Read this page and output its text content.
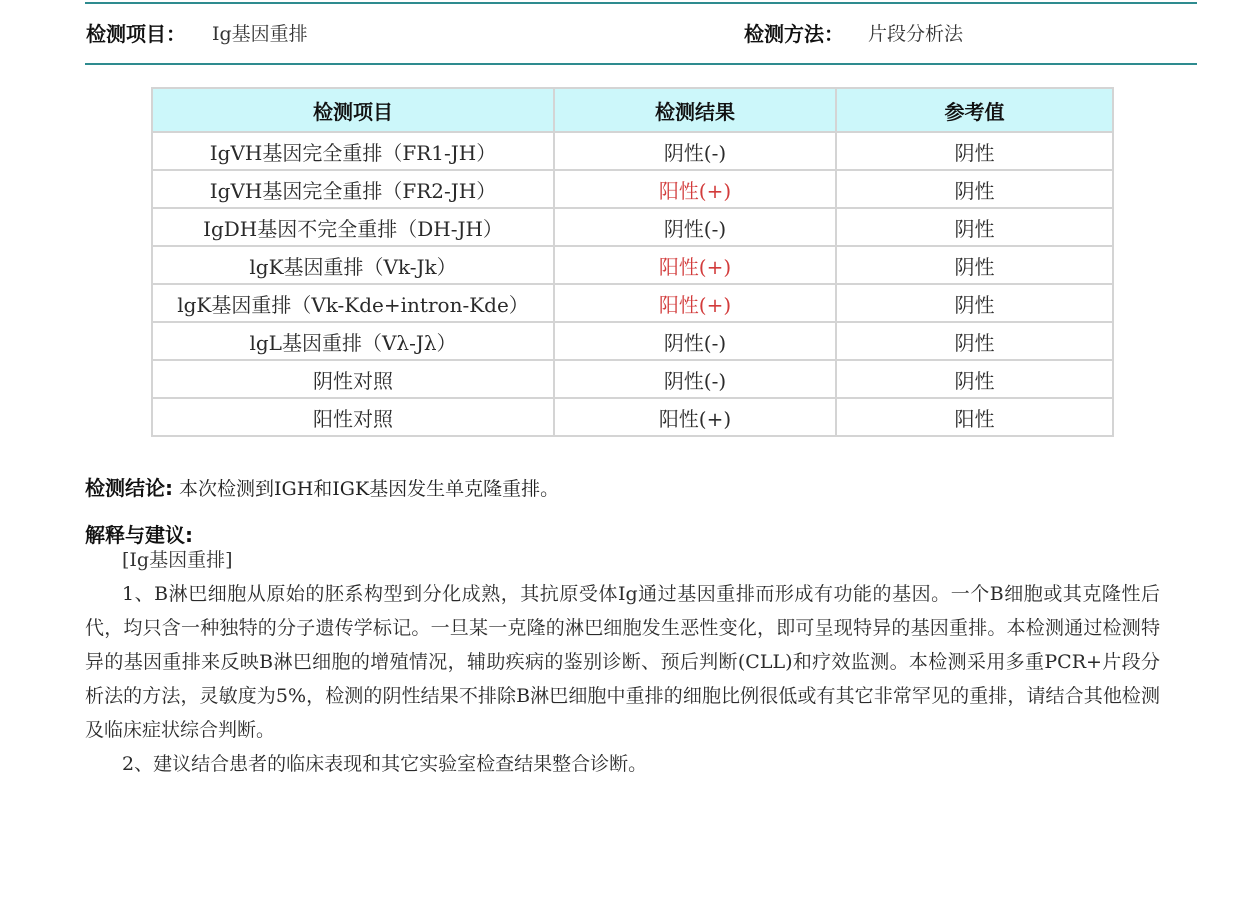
检测项目： Ig基因重排	检测方法： 片段分析法
检测项目	检测结果	参考值
IgVH基因完全重排（FR1-JH）	阴性(-)	阴性
IgVH基因完全重排（FR2-JH）	阳性(+)	阴性
IgDH基因不完全重排（DH-JH）	阴性(-)	阴性
lgK基因重排（Vk-Jk）	阳性(+)	阴性
lgK基因重排（Vk-Kde+intron-Kde）	阳性(+)	阴性
lgL基因重排（Vλ-Jλ）	阴性(-)	阴性
阴性对照	阴性(-)	阴性
阳性对照	阳性(+)	阳性
检测结论: 本次检测到IGH和IGK基因发生单克隆重排。
解释与建议:
[Ig基因重排]
1、B淋巴细胞从原始的胚系构型到分化成熟，其抗原受体Ig通过基因重排而形成有功能的基因。一个B细胞或其克隆性后代，均只含一种独特的分子遗传学标记。一旦某一克隆的淋巴细胞发生恶性变化，即可呈现特异的基因重排。本检测通过检测特异的基因重排来反映B淋巴细胞的增殖情况，辅助疾病的鉴别诊断、预后判断(CLL)和疗效监测。本检测采用多重PCR+片段分析法的方法，灵敏度为5%，检测的阴性结果不排除B淋巴细胞中重排的细胞比例很低或有其它非常罕见的重排，请结合其他检测及临床症状综合判断。
2、建议结合患者的临床表现和其它实验室检查结果整合诊断。
